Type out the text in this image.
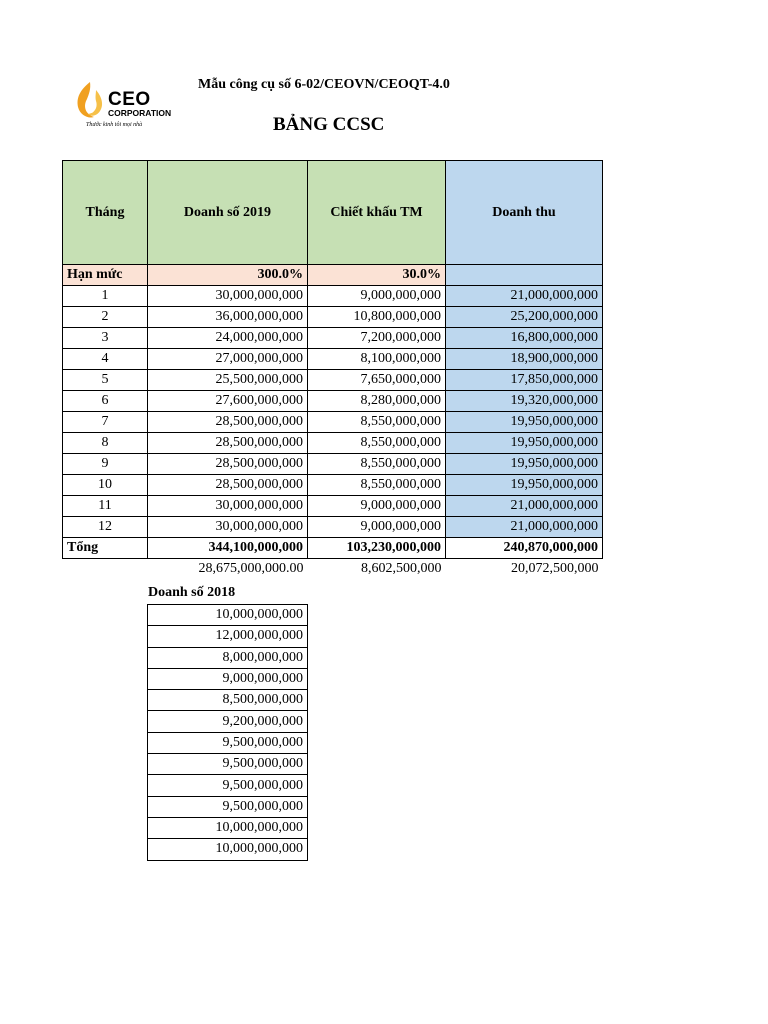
CEO
CORPORATION
Thước kinh tôi mọi nhà
Mẫu công cụ số 6-02/CEOVN/CEOQT-4.0
BẢNG CCSC
Tháng	Doanh số 2019	Chiết khấu TM	Doanh thu
Hạn mức	300.0%	30.0%	
1	30,000,000,000	9,000,000,000	21,000,000,000
2	36,000,000,000	10,800,000,000	25,200,000,000
3	24,000,000,000	7,200,000,000	16,800,000,000
4	27,000,000,000	8,100,000,000	18,900,000,000
5	25,500,000,000	7,650,000,000	17,850,000,000
6	27,600,000,000	8,280,000,000	19,320,000,000
7	28,500,000,000	8,550,000,000	19,950,000,000
8	28,500,000,000	8,550,000,000	19,950,000,000
9	28,500,000,000	8,550,000,000	19,950,000,000
10	28,500,000,000	8,550,000,000	19,950,000,000
11	30,000,000,000	9,000,000,000	21,000,000,000
12	30,000,000,000	9,000,000,000	21,000,000,000
Tổng	344,100,000,000	103,230,000,000	240,870,000,000
	28,675,000,000.00	8,602,500,000	20,072,500,000
Doanh số 2018
10,000,000,000
12,000,000,000
8,000,000,000
9,000,000,000
8,500,000,000
9,200,000,000
9,500,000,000
9,500,000,000
9,500,000,000
9,500,000,000
10,000,000,000
10,000,000,000
